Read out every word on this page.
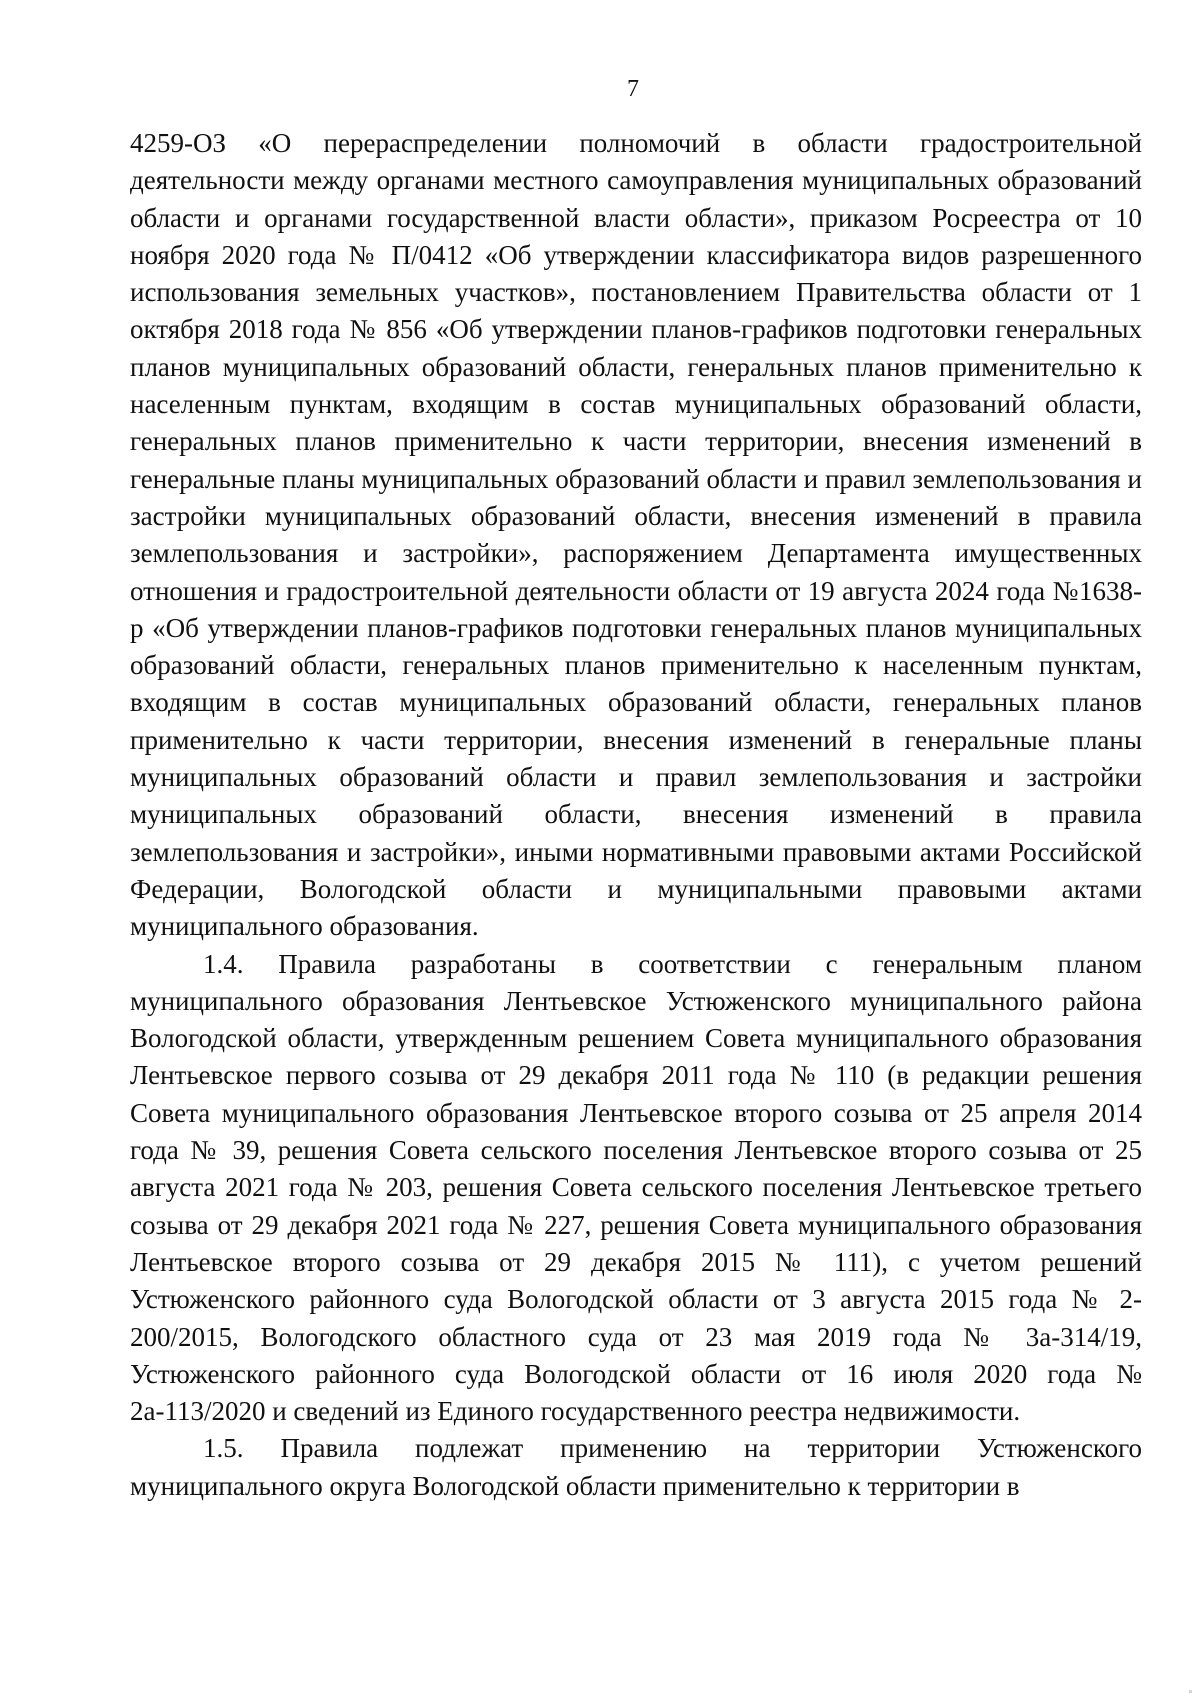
7

4259-ОЗ «О перераспределении полномочий в области градостроительной деятельности между органами местного самоуправления муниципальных образований области и органами государственной власти области», приказом Росреестра от 10 ноября 2020 года № П/0412 «Об утверждении классификатора видов разрешенного использования земельных участков», постановлением Правительства области от 1 октября 2018 года № 856 «Об утверждении планов-графиков подготовки генеральных планов муниципальных образований области, генеральных планов применительно к населенным пунктам, входящим в состав муниципальных образований области, генеральных планов применительно к части территории, внесения изменений в генеральные планы муниципальных образований области и правил землепользования и застройки муниципальных образований области, внесения изменений в правила землепользования и застройки», распоряжением Департамента имущественных отношения и градостроительной деятельности области от 19 августа 2024 года №1638-р «Об утверждении планов-графиков подготовки генеральных планов муниципальных образований области, генеральных планов применительно к населенным пунктам, входящим в состав муниципальных образований области, генеральных планов применительно к части территории, внесения изменений в генеральные планы муниципальных образований области и правил землепользования и застройки муниципальных образований области, внесения изменений в правила землепользования и застройки», иными нормативными правовыми актами Российской Федерации, Вологодской области и муниципальными правовыми актами муниципального образования.

1.4. Правила разработаны в соответствии с генеральным планом муниципального образования Лентьевское Устюженского муниципального района Вологодской области, утвержденным решением Совета муниципального образования Лентьевское первого созыва от 29 декабря 2011 года № 110 (в редакции решения Совета муниципального образования Лентьевское второго созыва от 25 апреля 2014 года № 39, решения Совета сельского поселения Лентьевское второго созыва от 25 августа 2021 года № 203, решения Совета сельского поселения Лентьевское третьего созыва от 29 декабря 2021 года № 227, решения Совета муниципального образования Лентьевское второго созыва от 29 декабря 2015 № 111), с учетом решений Устюженского районного суда Вологодской области от 3 августа 2015 года № 2-200/2015, Вологодского областного суда от 23 мая 2019 года № 3а-314/19, Устюженского районного суда Вологодской области от 16 июля 2020 года № 2а-113/2020 и сведений из Единого государственного реестра недвижимости.

1.5. Правила подлежат применению на территории Устюженского муниципального округа Вологодской области применительно к территории в
